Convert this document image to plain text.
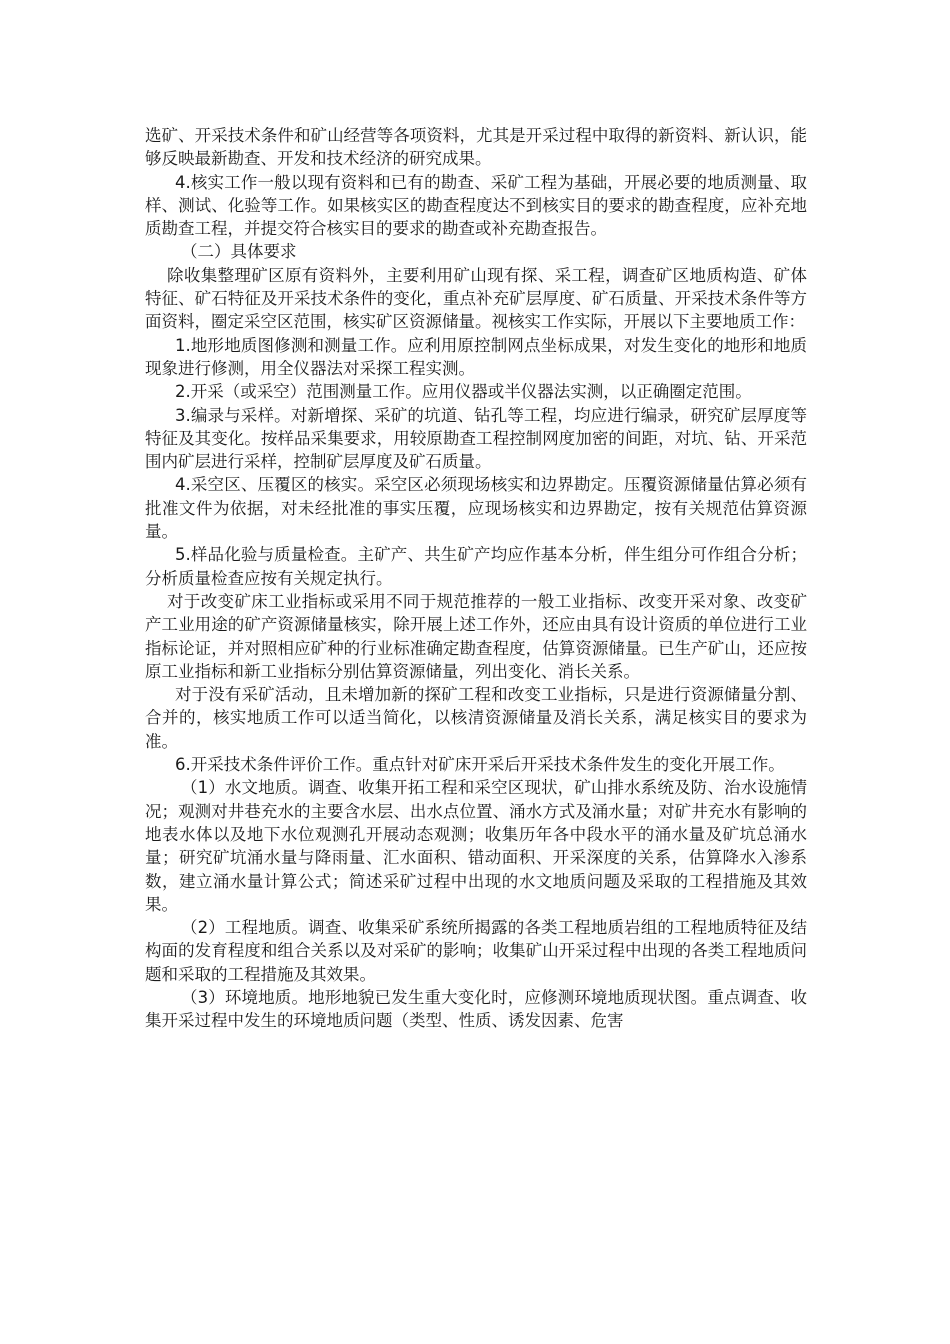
选矿、开采技术条件和矿山经营等各项资料，尤其是开采过程中取得的新资料、新认识，能够反映最新勘查、开发和技术经济的研究成果。

4.核实工作一般以现有资料和已有的勘查、采矿工程为基础，开展必要的地质测量、取样、测试、化验等工作。如果核实区的勘查程度达不到核实目的要求的勘查程度，应补充地质勘查工程，并提交符合核实目的要求的勘查或补充勘查报告。

（二）具体要求

除收集整理矿区原有资料外，主要利用矿山现有探、采工程，调查矿区地质构造、矿体特征、矿石特征及开采技术条件的变化，重点补充矿层厚度、矿石质量、开采技术条件等方面资料，圈定采空区范围，核实矿区资源储量。视核实工作实际，开展以下主要地质工作：

1.地形地质图修测和测量工作。应利用原控制网点坐标成果，对发生变化的地形和地质现象进行修测，用全仪器法对采探工程实测。

2.开采（或采空）范围测量工作。应用仪器或半仪器法实测，以正确圈定范围。

3.编录与采样。对新增探、采矿的坑道、钻孔等工程，均应进行编录，研究矿层厚度等特征及其变化。按样品采集要求，用较原勘查工程控制网度加密的间距，对坑、钻、开采范围内矿层进行采样，控制矿层厚度及矿石质量。

4.采空区、压覆区的核实。采空区必须现场核实和边界勘定。压覆资源储量估算必须有批准文件为依据，对未经批准的事实压覆，应现场核实和边界勘定，按有关规范估算资源量。

5.样品化验与质量检查。主矿产、共生矿产均应作基本分析，伴生组分可作组合分析；分析质量检查应按有关规定执行。

对于改变矿床工业指标或采用不同于规范推荐的一般工业指标、改变开采对象、改变矿产工业用途的矿产资源储量核实，除开展上述工作外，还应由具有设计资质的单位进行工业指标论证，并对照相应矿种的行业标准确定勘查程度，估算资源储量。已生产矿山，还应按原工业指标和新工业指标分别估算资源储量，列出变化、消长关系。

对于没有采矿活动，且未增加新的探矿工程和改变工业指标，只是进行资源储量分割、合并的，核实地质工作可以适当简化，以核清资源储量及消长关系，满足核实目的要求为准。

6.开采技术条件评价工作。重点针对矿床开采后开采技术条件发生的变化开展工作。

（1）水文地质。调查、收集开拓工程和采空区现状，矿山排水系统及防、治水设施情况；观测对井巷充水的主要含水层、出水点位置、涌水方式及涌水量；对矿井充水有影响的地表水体以及地下水位观测孔开展动态观测；收集历年各中段水平的涌水量及矿坑总涌水量；研究矿坑涌水量与降雨量、汇水面积、错动面积、开采深度的关系，估算降水入渗系数，建立涌水量计算公式；简述采矿过程中出现的水文地质问题及采取的工程措施及其效果。

（2）工程地质。调查、收集采矿系统所揭露的各类工程地质岩组的工程地质特征及结构面的发育程度和组合关系以及对采矿的影响；收集矿山开采过程中出现的各类工程地质问题和采取的工程措施及其效果。

（3）环境地质。地形地貌已发生重大变化时，应修测环境地质现状图。重点调查、收集开采过程中发生的环境地质问题（类型、性质、诱发因素、危害
